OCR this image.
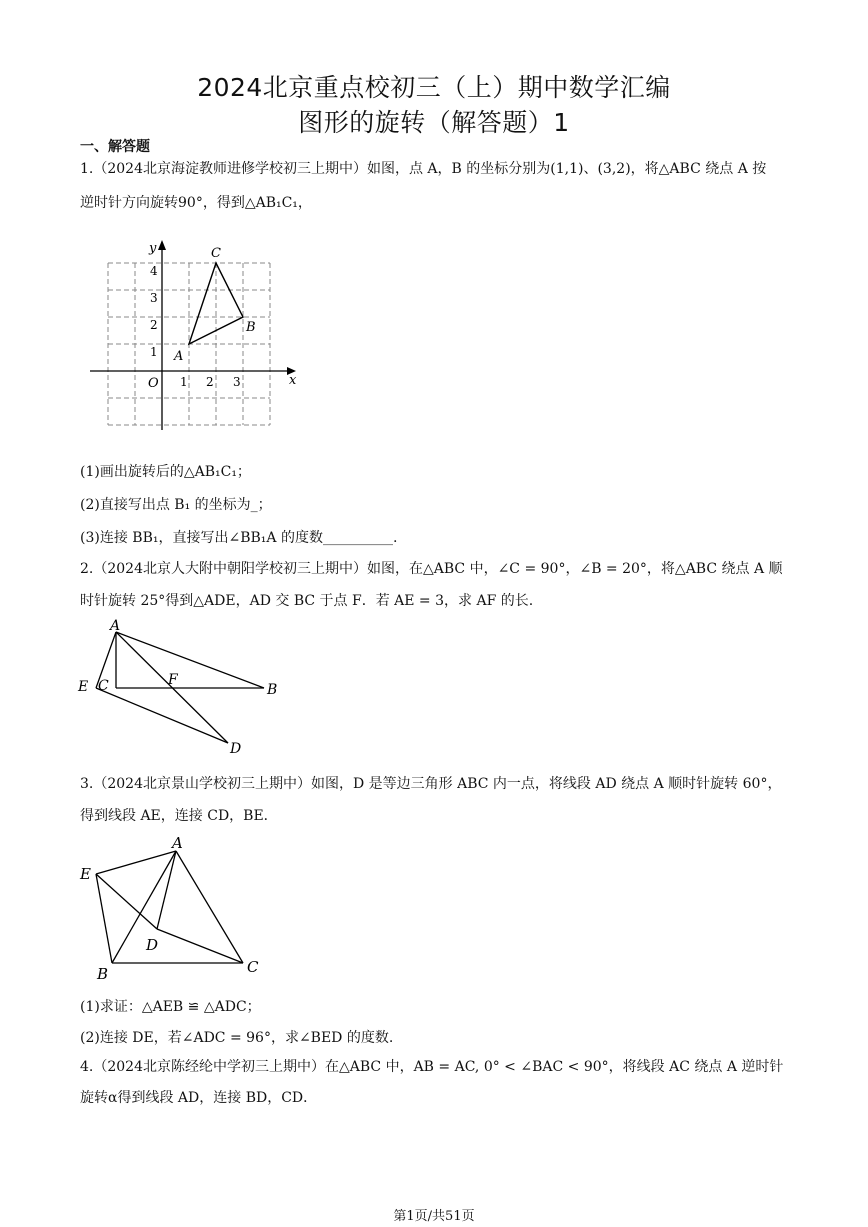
2024北京重点校初三（上）期中数学汇编
图形的旋转（解答题）1
一、解答题
1.（2024北京海淀教师进修学校初三上期中）如图，点 A，B 的坐标分别为(1,1)、(3,2)，将△ABC 绕点 A 按
逆时针方向旋转90°，得到△AB₁C₁，
x
y
O
A
B
C
1 2 3
1
2
3
4
(1)画出旋转后的△AB₁C₁；
(2)直接写出点 B₁ 的坐标为_；
(3)连接 BB₁，直接写出∠BB₁A 的度数__________.
2.（2024北京人大附中朝阳学校初三上期中）如图，在△ABC 中，∠C = 90°，∠B = 20°，将△ABC 绕点 A 顺
时针旋转 25°得到△ADE，AD 交 BC 于点 F．若 AE = 3，求 AF 的长.
A
B
C
D
E	F
3.（2024北京景山学校初三上期中）如图，D 是等边三角形 ABC 内一点，将线段 AD 绕点 A 顺时针旋转 60°，
得到线段 AE，连接 CD，BE．
A
B	C
D
E
(1)求证：△AEB ≌ △ADC；
(2)连接 DE，若∠ADC = 96°，求∠BED 的度数.
4.（2024北京陈经纶中学初三上期中）在△ABC 中，AB = AC, 0° < ∠BAC < 90°，将线段 AC 绕点 A 逆时针
旋转α得到线段 AD，连接 BD，CD．
第1页/共51页
